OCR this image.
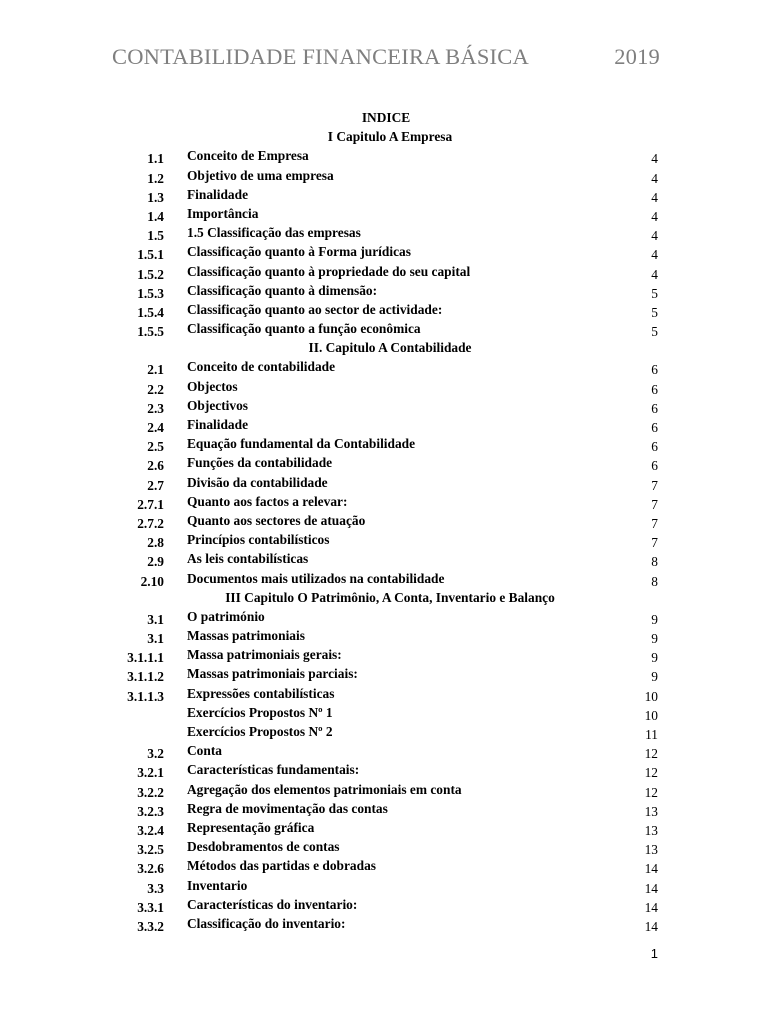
CONTABILIDADE FINANCEIRA BÁSICA	2019
INDICE
I Capitulo A Empresa
1.1 Conceito de Empresa	4
1.2 Objetivo de uma empresa	4
1.3 Finalidade	4
1.4 Importância	4
1.5 1.5 Classificação das empresas	4
1.5.1 Classificação quanto à Forma jurídicas	4
1.5.2 Classificação quanto à propriedade do seu capital	4
1.5.3 Classificação quanto à dimensão:	5
1.5.4 Classificação quanto ao sector de actividade:	5
1.5.5 Classificação quanto a função econômica	5
II. Capitulo A Contabilidade
2.1 Conceito de contabilidade	6
2.2 Objectos	6
2.3 Objectivos	6
2.4 Finalidade	6
2.5 Equação fundamental da Contabilidade	6
2.6 Funções da contabilidade	6
2.7 Divisão da contabilidade	7
2.7.1 Quanto aos factos a relevar:	7
2.7.2 Quanto aos sectores de atuação	7
2.8 Princípios contabilísticos	7
2.9 As leis contabilísticas	8
2.10 Documentos mais utilizados na contabilidade	8
III Capitulo O Patrimônio, A Conta, Inventario e Balanço
3.1 O património	9
3.1 Massas patrimoniais	9
3.1.1.1 Massa patrimoniais gerais:	9
3.1.1.2 Massas patrimoniais parciais:	9
3.1.1.3 Expressões contabilísticas	10
Exercícios Propostos Nº 1	10
Exercícios Propostos Nº 2	11
3.2 Conta	12
3.2.1 Características fundamentais:	12
3.2.2 Agregação dos elementos patrimoniais em conta	12
3.2.3 Regra de movimentação das contas	13
3.2.4 Representação gráfica	13
3.2.5 Desdobramentos de contas	13
3.2.6 Métodos das partidas e dobradas	14
3.3 Inventario	14
3.3.1 Características do inventario:	14
3.3.2 Classificação do inventario:	14
1
